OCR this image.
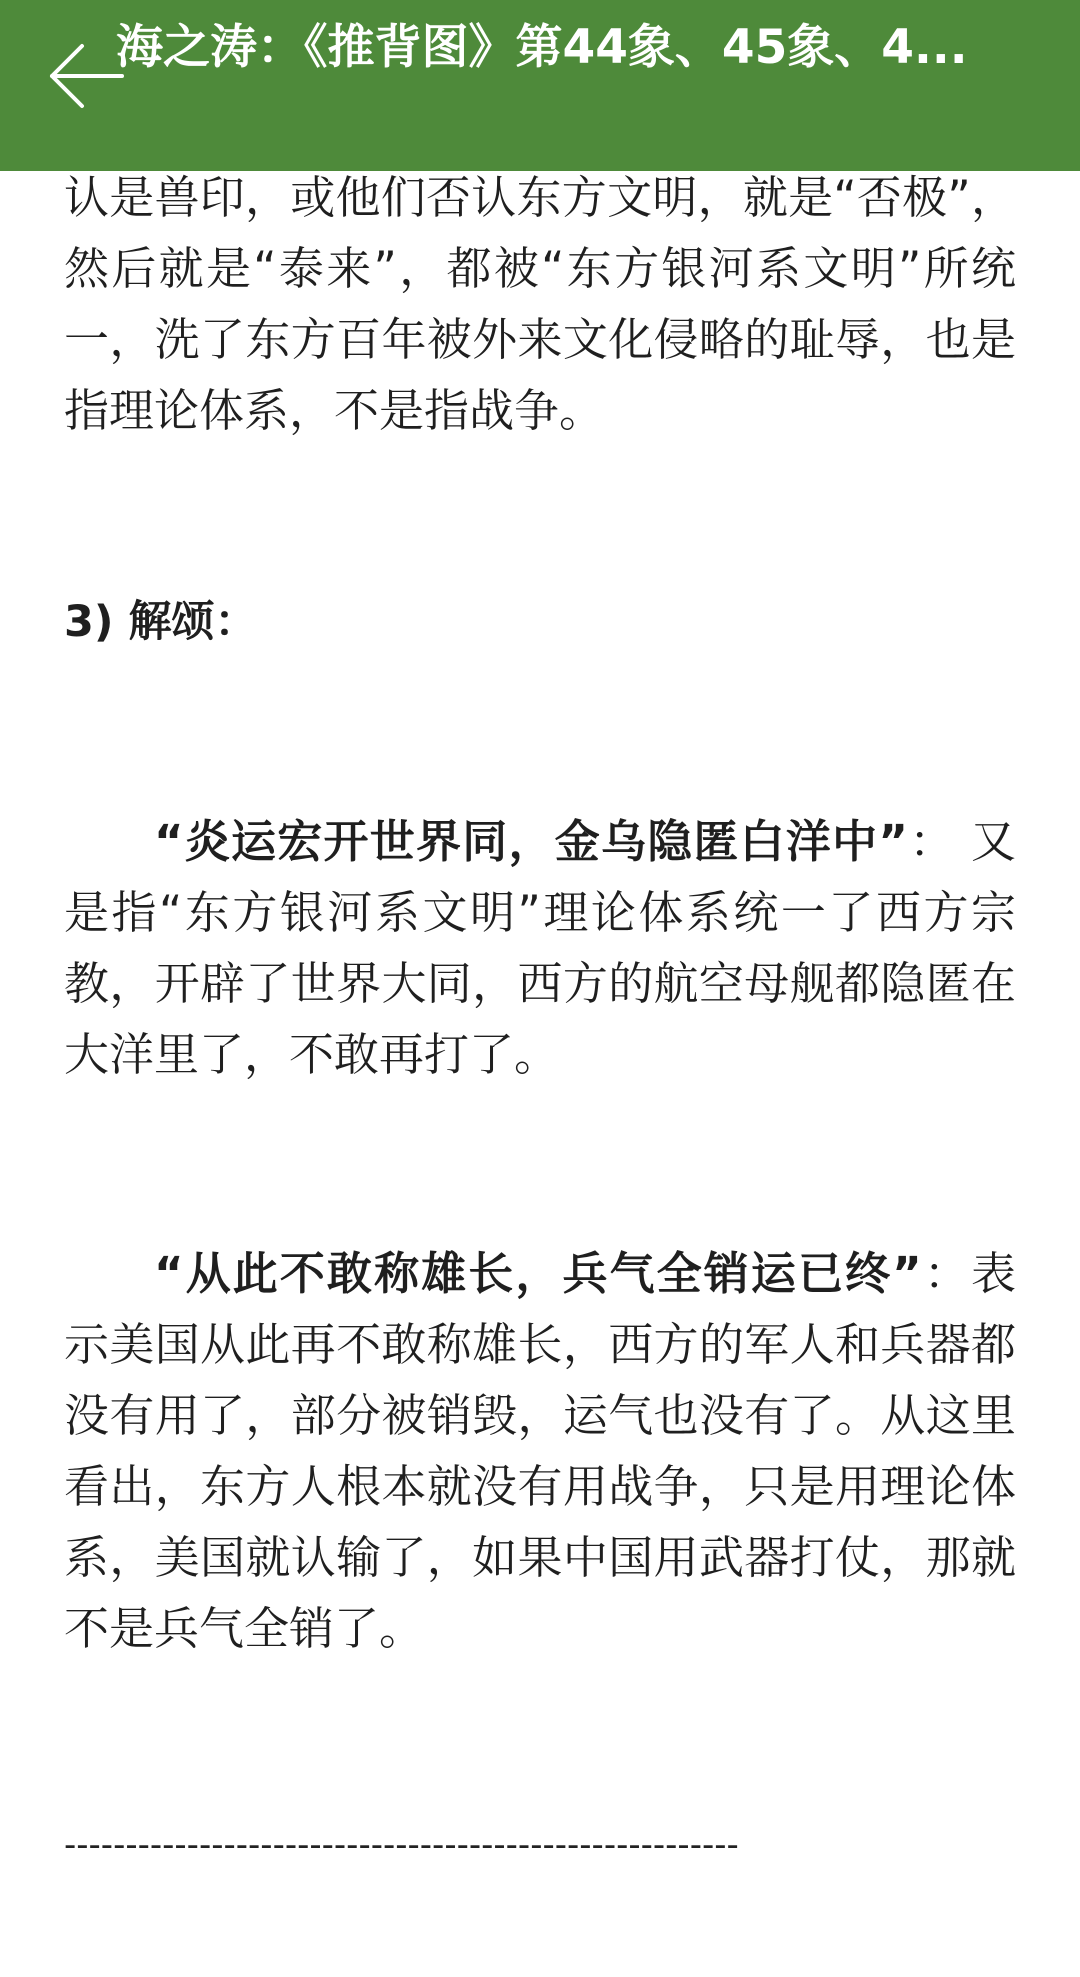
海之涛：《推背图》第44象、45象、4...

认是兽印，或他们否认东方文明，就是“否极”，然后就是“泰来”，都被“东方银河系文明”所统一，洗了东方百年被外来文化侵略的耻辱，也是指理论体系，不是指战争。

3) 解颂：

“炎运宏开世界同，金乌隐匿白洋中”： 又是指“东方银河系文明”理论体系统一了西方宗教，开辟了世界大同，西方的航空母舰都隐匿在大洋里了，不敢再打了。

“从此不敢称雄长，兵气全销运已终”：表示美国从此再不敢称雄长，西方的军人和兵器都没有用了，部分被销毁，运气也没有了。从这里看出，东方人根本就没有用战争，只是用理论体系，美国就认输了，如果中国用武器打仗，那就不是兵气全销了。

-------------------------------------------------------
